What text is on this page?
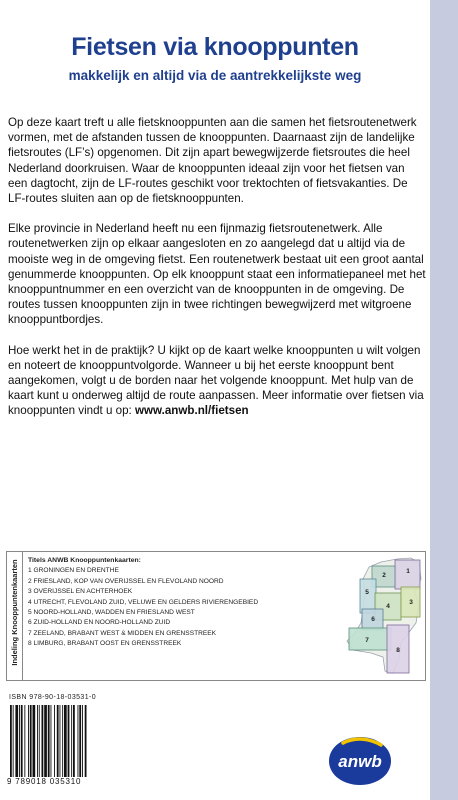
Fietsen via knooppunten
makkelijk en altijd via de aantrekkelijkste weg

Op deze kaart treft u alle fietsknooppunten aan die samen het fietsroutenetwerk vormen, met de afstanden tussen de knooppunten. Daarnaast zijn de landelijke fietsroutes (LF’s) opgenomen. Dit zijn apart bewegwijzerde fietsroutes die heel Nederland doorkruisen. Waar de knooppunten ideaal zijn voor het fietsen van een dagtocht, zijn de LF-routes geschikt voor trektochten of fietsvakanties. De LF-routes sluiten aan op de fietsknooppunten.

Elke provincie in Nederland heeft nu een fijnmazig fietsroutenetwerk. Alle routenetwerken zijn op elkaar aangesloten en zo aangelegd dat u altijd via de mooiste weg in de omgeving fietst. Een routenetwerk bestaat uit een groot aantal genummerde knooppunten. Op elk knooppunt staat een informatiepaneel met het knooppuntnummer en een overzicht van de knooppunten in de omgeving. De routes tussen knooppunten zijn in twee richtingen bewegwijzerd met witgroene knooppuntbordjes.

Hoe werkt het in de praktijk? U kijkt op de kaart welke knooppunten u wilt volgen en noteert de knooppuntvolgorde. Wanneer u bij het eerste knooppunt bent aangekomen, volgt u de borden naar het volgende knooppunt. Met hulp van de kaart kunt u onderweg altijd de route aanpassen. Meer informatie over fietsen via knooppunten vindt u op: www.anwb.nl/fietsen

Indeling Knooppuntenkaarten Titels ANWB Knooppuntenkaarten:
1 GRONINGEN EN DRENTHE
2 FRIESLAND, KOP VAN OVERIJSSEL EN FLEVOLAND NOORD
3 OVERIJSSEL EN ACHTERHOEK
4 UTRECHT, FLEVOLAND ZUID, VELUWE EN GELDERS RIVIERENGEBIED
5 NOORD-HOLLAND, WADDEN EN FRIESLAND WEST
6 ZUID-HOLLAND EN NOORD-HOLLAND ZUID
7 ZEELAND, BRABANT WEST & MIDDEN EN GRENSSTREEK
8 LIMBURG, BRABANT OOST EN GRENSSTREEK
5
2
1
4
3
6
7
8
ISBN 978-90-18-03531-0
9 789018 035310
anwb
